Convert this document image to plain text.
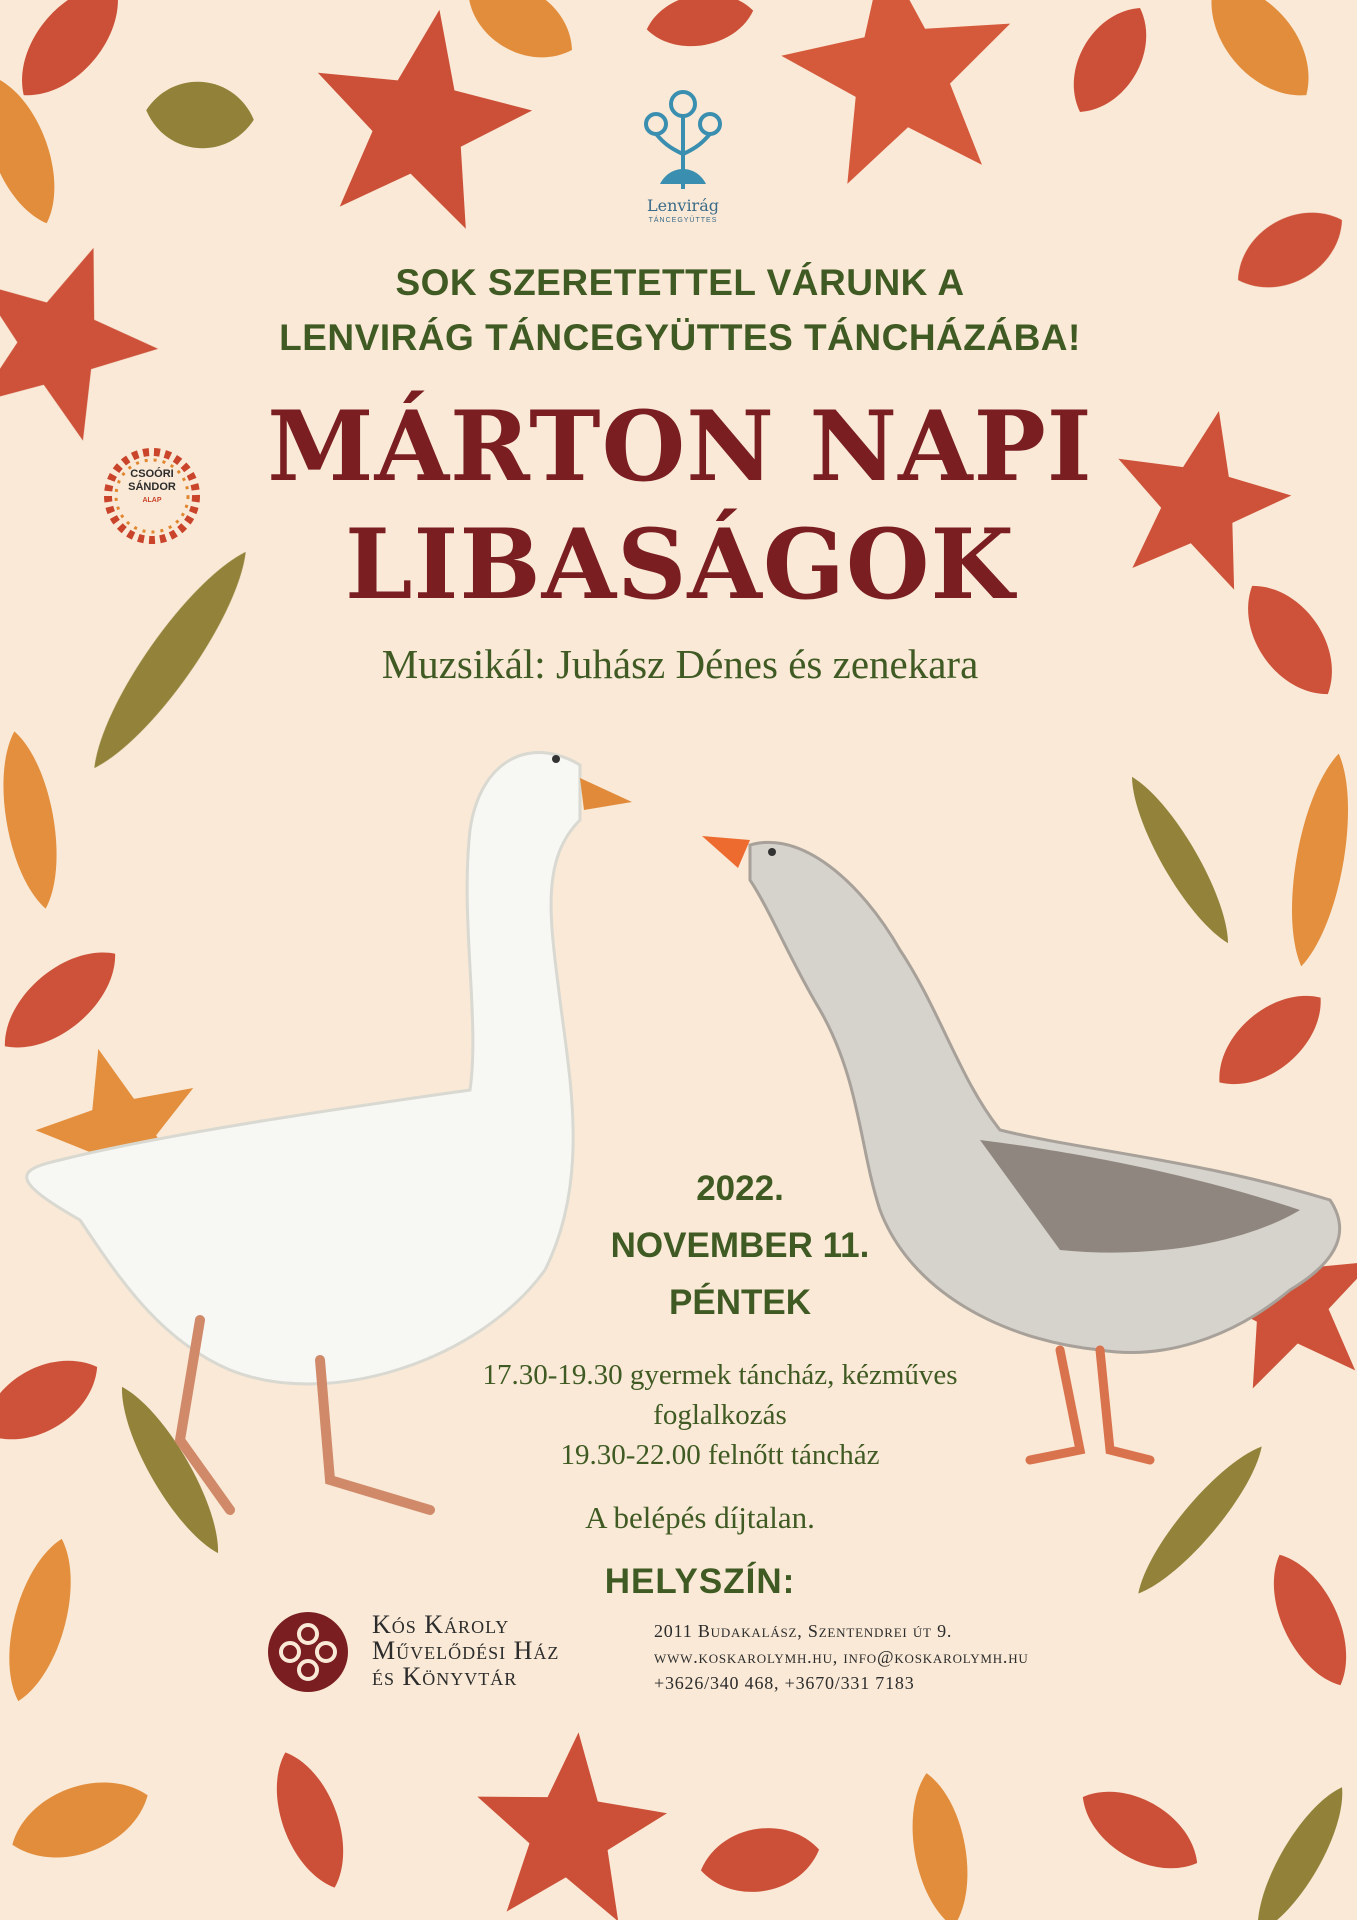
Lenvirág
TÁNCEGYÜTTES
CSOÓRI
SÁNDOR
ALAP
SOK SZERETETTEL VÁRUNK A
LENVIRÁG TÁNCEGYÜTTES TÁNCHÁZÁBA!
MÁRTON NAPI
LIBASÁGOK
Muzsikál: Juhász Dénes és zenekara
2022.
NOVEMBER 11.
PÉNTEK
17.30-19.30 gyermek táncház, kézműves
foglalkozás
19.30-22.00 felnőtt táncház
A belépés díjtalan.
HELYSZÍN:
Kós Károly
Művelődési Ház
és Könyvtár
2011 Budakalász, Szentendrei út 9.
www.koskarolymh.hu, info@koskarolymh.hu
+3626/340 468, +3670/331 7183
